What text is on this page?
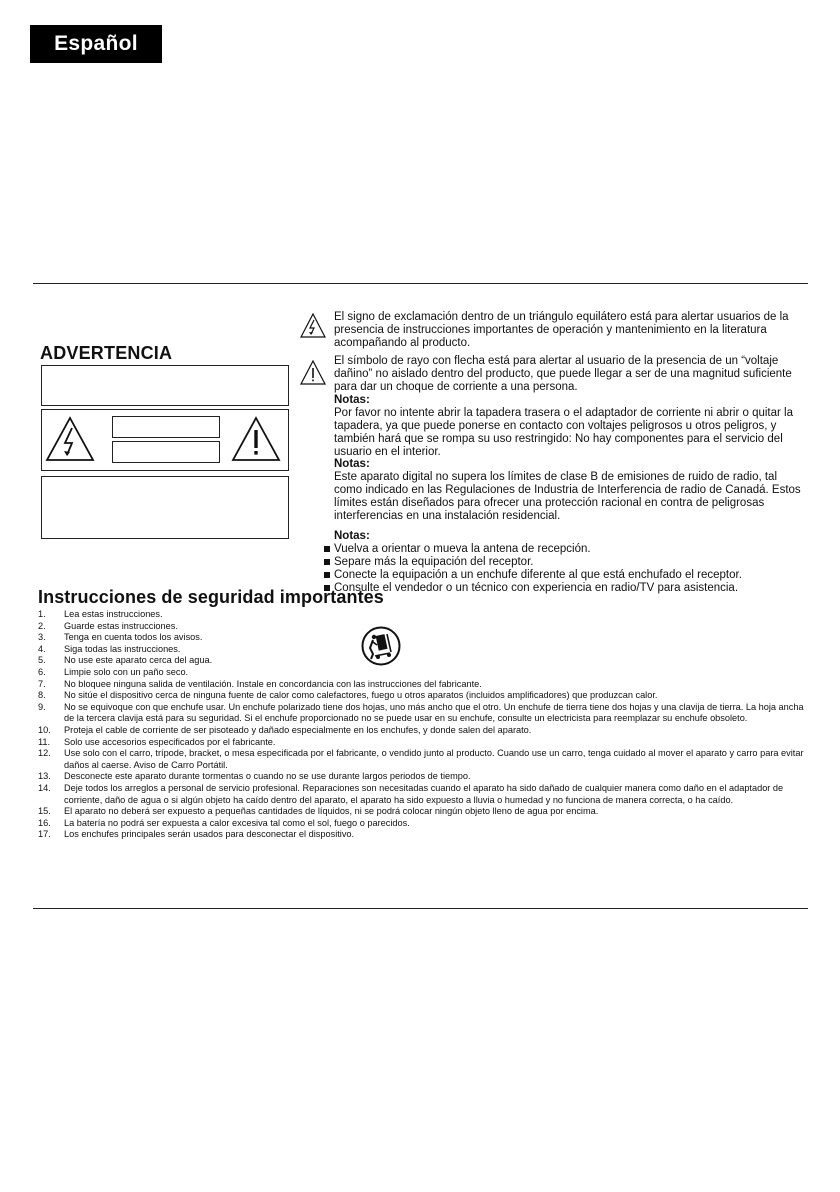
Español
ADVERTENCIA
El signo de exclamación dentro de un triángulo equilátero está para alertar usuarios de la presencia de instrucciones importantes de operación y mantenimiento en la literatura acompañando al producto.
El símbolo de rayo con flecha está para alertar al usuario de la presencia de un “voltaje dañino” no aislado dentro del producto, que puede llegar a ser de una magnitud suficiente para dar un choque de corriente a una persona.
Notas:
Por favor no intente abrir la tapadera trasera o el adaptador de corriente ni abrir o quitar la tapadera, ya que puede ponerse en contacto con voltajes peligrosos u otros peligros, y también hará que se rompa su uso restringido: No hay componentes para el servicio del usuario en el interior.
Notas:
Este aparato digital no supera los límites de clase B de emisiones de ruido de radio, tal como indicado en las Regulaciones de Industria de Interferencia de radio de Canadá. Estos límites están diseñados para ofrecer una protección racional en contra de peligrosas interferencias en una instalación residencial.
Notas:
Vuelva a orientar o mueva la antena de recepción.
Separe más la equipación del receptor.
Conecte la equipación a un enchufe diferente al que está enchufado el receptor.
Consulte el vendedor o un técnico con experiencia en radio/TV para asistencia.
Instrucciones de seguridad importantes
1.	Lea estas instrucciones.
2.	Guarde estas instrucciones.
3.	Tenga en cuenta todos los avisos.
4.	Siga todas las instrucciones.
5.	No use este aparato cerca del agua.
6.	Limpie solo con un paño seco.
7.	No bloquee ninguna salida de ventilación. Instale en concordancia con las instrucciones del fabricante.
8.	No sitúe el dispositivo cerca de ninguna fuente de calor como calefactores, fuego u otros aparatos (incluidos amplificadores) que produzcan calor.
9.	No se equivoque con que enchufe usar. Un enchufe polarizado tiene dos hojas, uno más ancho que el otro. Un enchufe de tierra tiene dos hojas y una clavija de tierra. La hoja ancha de la tercera clavija está para su seguridad. Si el enchufe proporcionado no se puede usar en su enchufe, consulte un electricista para reemplazar su enchufe obsoleto.
10.	Proteja el cable de corriente de ser pisoteado y dañado especialmente en los enchufes, y donde salen del aparato.
11.	Solo use accesorios especificados por el fabricante.
12.	Use solo con el carro, trípode, bracket, o mesa especificada por el fabricante, o vendido junto al producto. Cuando use un carro, tenga cuidado al mover el aparato y carro para evitar daños al caerse. Aviso de Carro Portátil.
13.	Desconecte este aparato durante tormentas o cuando no se use durante largos periodos de tiempo.
14.	Deje todos los arreglos a personal de servicio profesional. Reparaciones son necesitadas cuando el aparato ha sido dañado de cualquier manera como daño en el adaptador de corriente, daño de agua o si algún objeto ha caído dentro del aparato, el aparato ha sido expuesto a lluvia o humedad y no funciona de manera correcta, o ha caído.
15.	El aparato no deberá ser expuesto a pequeñas cantidades de líquidos, ni se podrá colocar ningún objeto lleno de agua por encima.
16.	La batería no podrá ser expuesta a calor excesiva tal como el sol, fuego o parecidos.
17.	Los enchufes principales serán usados para desconectar el dispositivo.
